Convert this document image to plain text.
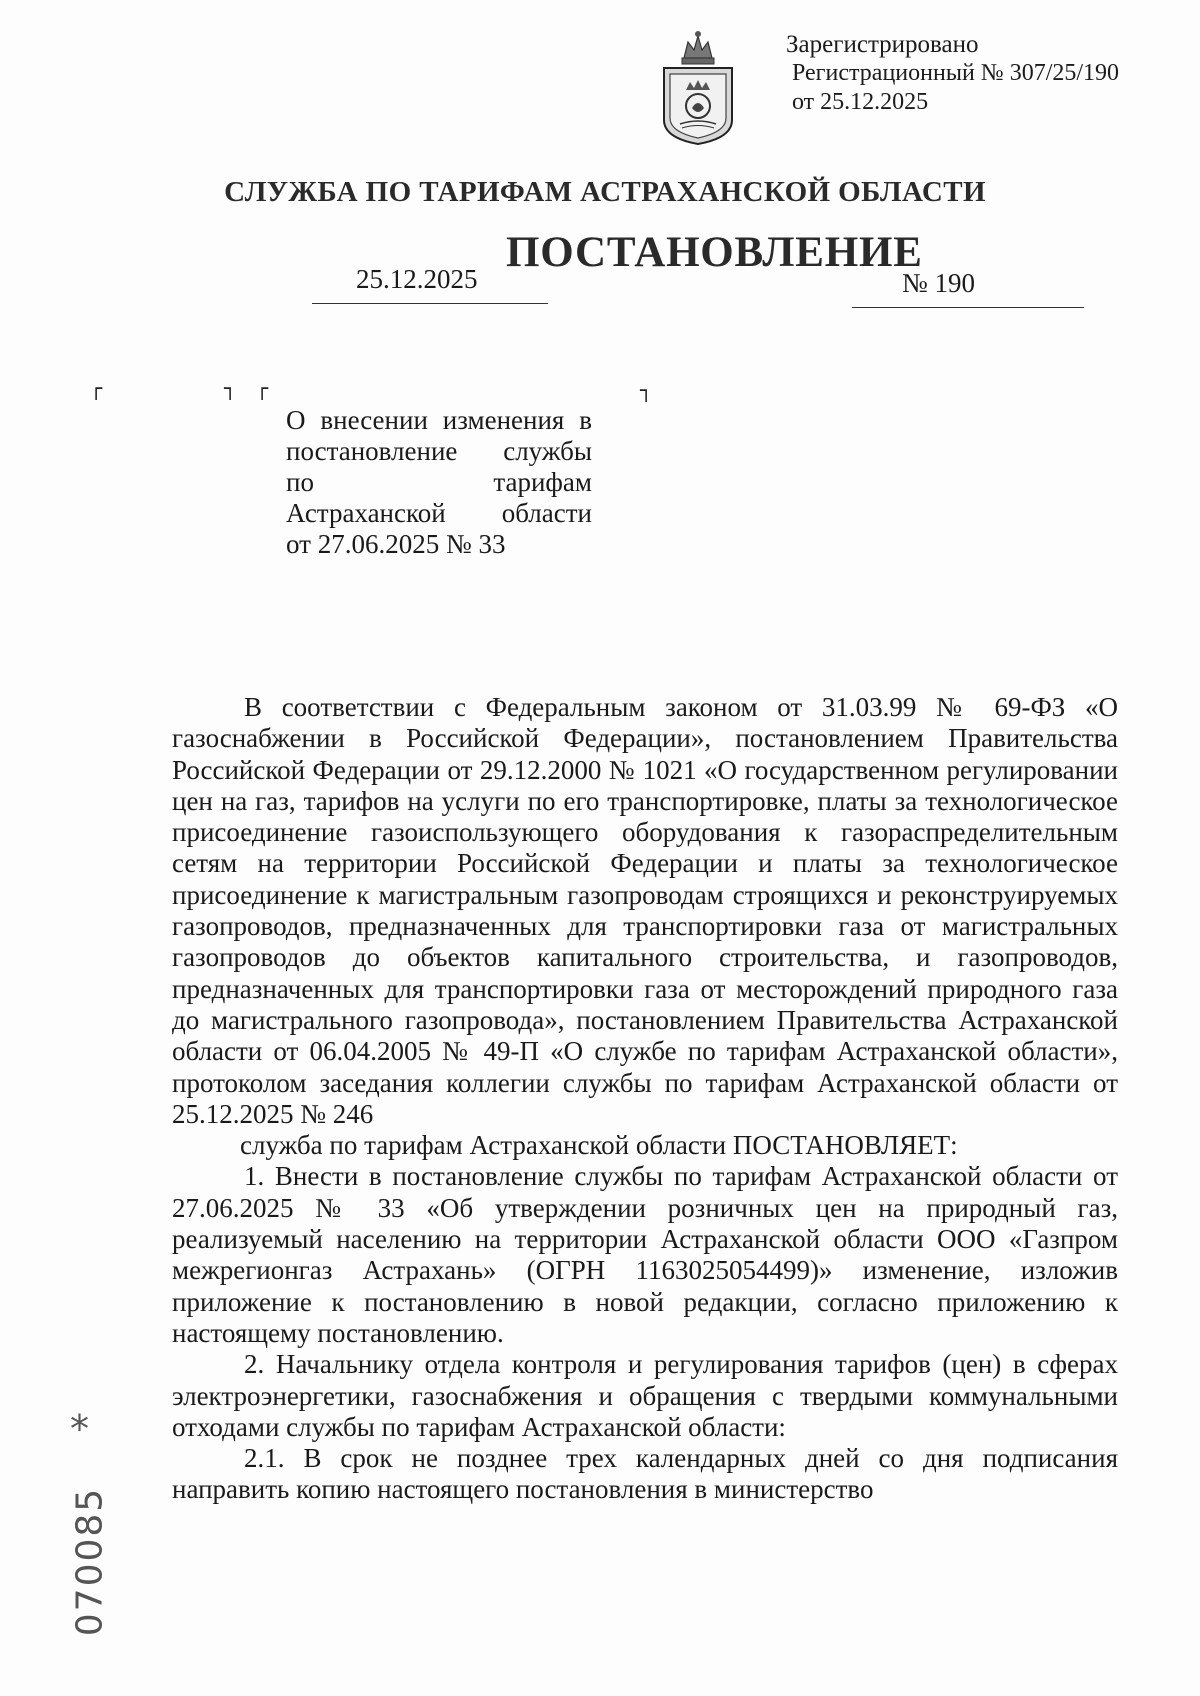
Зарегистрировано
Регистрационный № 307/25/190
от 25.12.2025
СЛУЖБА ПО ТАРИФАМ АСТРАХАНСКОЙ ОБЛАСТИ
ПОСТАНОВЛЕНИЕ
25.12.2025	№ 190
┌	┐ ┌	┐
О внесении изменения в
постановление службы
по тарифам
Астраханской области
от 27.06.2025 № 33

В соответствии с Федеральным законом от 31.03.99 № 69-ФЗ «О газоснабжении в Российской Федерации», постановлением Правительства Российской Федерации от 29.12.2000 № 1021 «О государственном регулировании цен на газ, тарифов на услуги по его транспортировке, платы за технологическое присоединение газоиспользующего оборудования к газораспределительным сетям на территории Российской Федерации и платы за технологическое присоединение к магистральным газопроводам строящихся и реконструируемых газопроводов, предназначенных для транспортировки газа от магистральных газопроводов до объектов капитального строительства, и газопроводов, предназначенных для транспортировки газа от месторождений природного газа до магистрального газопровода», постановлением Правительства Астраханской области от 06.04.2005 № 49-П «О службе по тарифам Астраханской области», протоколом заседания коллегии службы по тарифам Астраханской области от 25.12.2025 № 246

служба по тарифам Астраханской области ПОСТАНОВЛЯЕТ:

1. Внести в постановление службы по тарифам Астраханской области от 27.06.2025 № 33 «Об утверждении розничных цен на природный газ, реализуемый населению на территории Астраханской области ООО «Газпром межрегионгаз Астрахань» (ОГРН 1163025054499)» изменение, изложив приложение к постановлению в новой редакции, согласно приложению к настоящему постановлению.

2. Начальнику отдела контроля и регулирования тарифов (цен) в сферах электроэнергетики, газоснабжения и обращения с твердыми коммунальными отходами службы по тарифам Астраханской области:

2.1. В срок не позднее трех календарных дней со дня подписания направить копию настоящего постановления в министерство

*
070085
